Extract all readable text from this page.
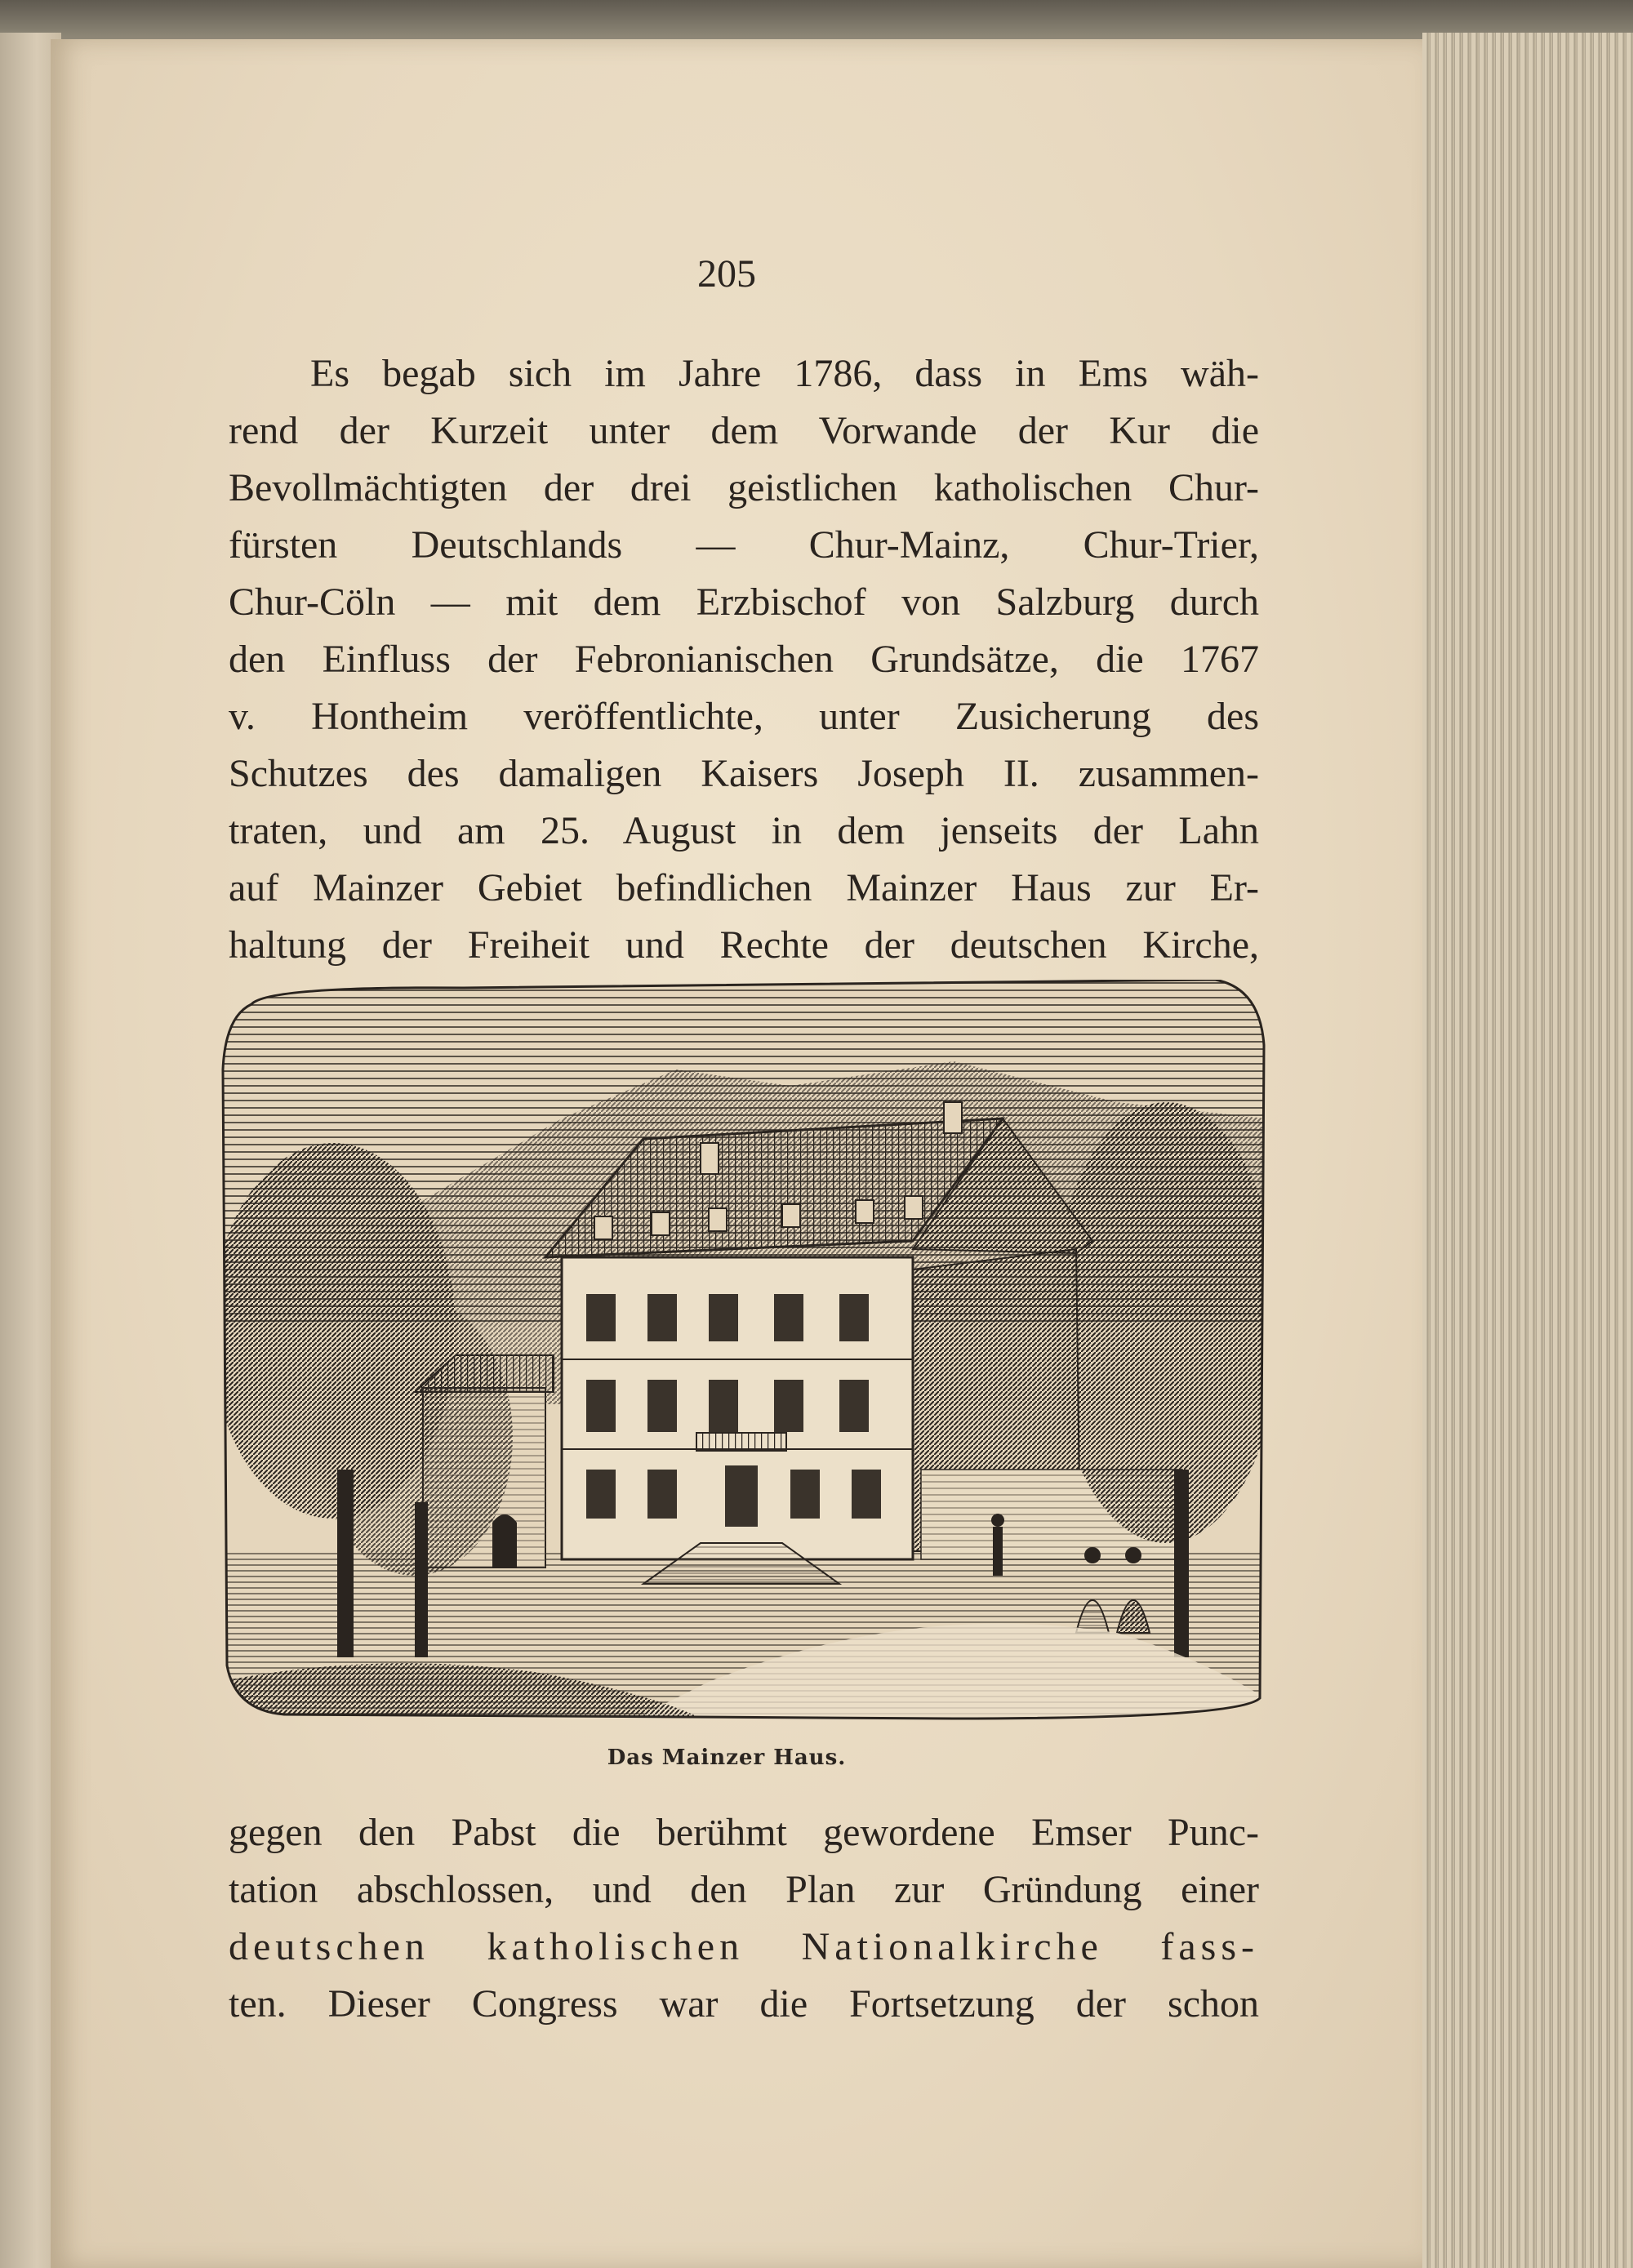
205
Es begab sich im Jahre 1786, dass in Ems wäh-
rend der Kurzeit unter dem Vorwande der Kur die
Bevollmächtigten der drei geistlichen katholischen Chur-
fürsten Deutschlands — Chur-Mainz, Chur-Trier,
Chur-Cöln — mit dem Erzbischof von Salzburg durch
den Einfluss der Febronianischen Grundsätze, die 1767
v. Hontheim veröffentlichte, unter Zusicherung des
Schutzes des damaligen Kaisers Joseph II. zusammen-
traten, und am 25. August in dem jenseits der Lahn
auf Mainzer Gebiet befindlichen Mainzer Haus zur Er-
haltung der Freiheit und Rechte der deutschen Kirche,
Das Mainzer Haus.
gegen den Pabst die berühmt gewordene Emser Punc-
tation abschlossen, und den Plan zur Gründung einer
deutschen katholischen Nationalkirche fass-
ten. Dieser Congress war die Fortsetzung der schon
